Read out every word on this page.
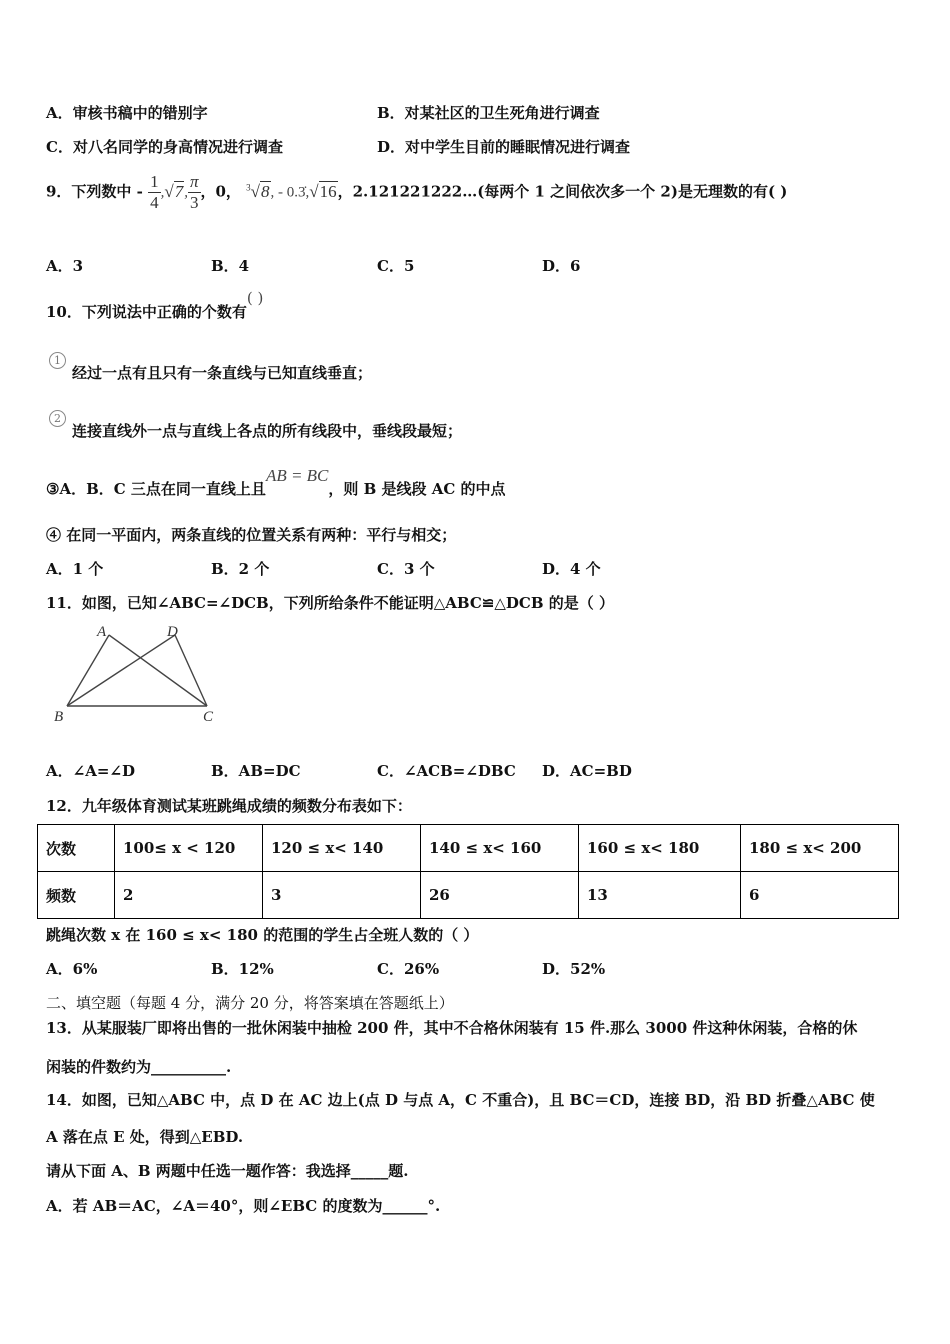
A．审核书稿中的错别字	B．对某社区的卫生死角进行调查
C．对八名同学的身高情况进行调查	D．对中学生目前的睡眠情况进行调查
9．下列数中 - $\frac{1}{4} ,√7$, $\frac{\pi}{3}$ ，0， $^3$√8, - 0.3̇,√16，2.121221222…(每两个 1 之间依次多一个 2)是无理数的有( )
A．3	B．4	C．5	D．6
10．下列说法中正确的个数有( )
1
经过一点有且只有一条直线与已知直线垂直；
2
连接直线外一点与直线上各点的所有线段中，垂线段最短；
③A．B．C 三点在同一直线上且AB = BC，则 B 是线段 AC 的中点
④ 在同一平面内，两条直线的位置关系有两种：平行与相交；
A．1 个	B．2 个	C．3 个	D．4 个
11．如图，已知∠ABC=∠DCB，下列所给条件不能证明△ABC≌△DCB 的是（ ）
A	D
B	C
A．∠A=∠D	B．AB=DC	C．∠ACB=∠DBC D．AC=BD
12．九年级体育测试某班跳绳成绩的频数分布表如下：
次数	100≤ x < 120	120 ≤ x< 140	140 ≤ x< 160	160 ≤ x< 180	180 ≤ x< 200
频数	2	3	26	13	6
跳绳次数 x 在 160 ≤ x< 180 的范围的学生占全班人数的（ ）
A．6%	B．12%	C．26%	D．52%
二、填空题（每题 4 分，满分 20 分，将答案填在答题纸上）
13．从某服装厂即将出售的一批休闲装中抽检 200 件，其中不合格休闲装有 15 件.那么 3000 件这种休闲装，合格的休
闲装的件数约为__________.
14．如图，已知△ABC 中，点 D 在 AC 边上(点 D 与点 A，C 不重合)，且 BC＝CD，连接 BD，沿 BD 折叠△ABC 使
A 落在点 E 处，得到△EBD.
请从下面 A、B 两题中任选一题作答：我选择_____题.
A．若 AB＝AC，∠A＝40°，则∠EBC 的度数为______°.
